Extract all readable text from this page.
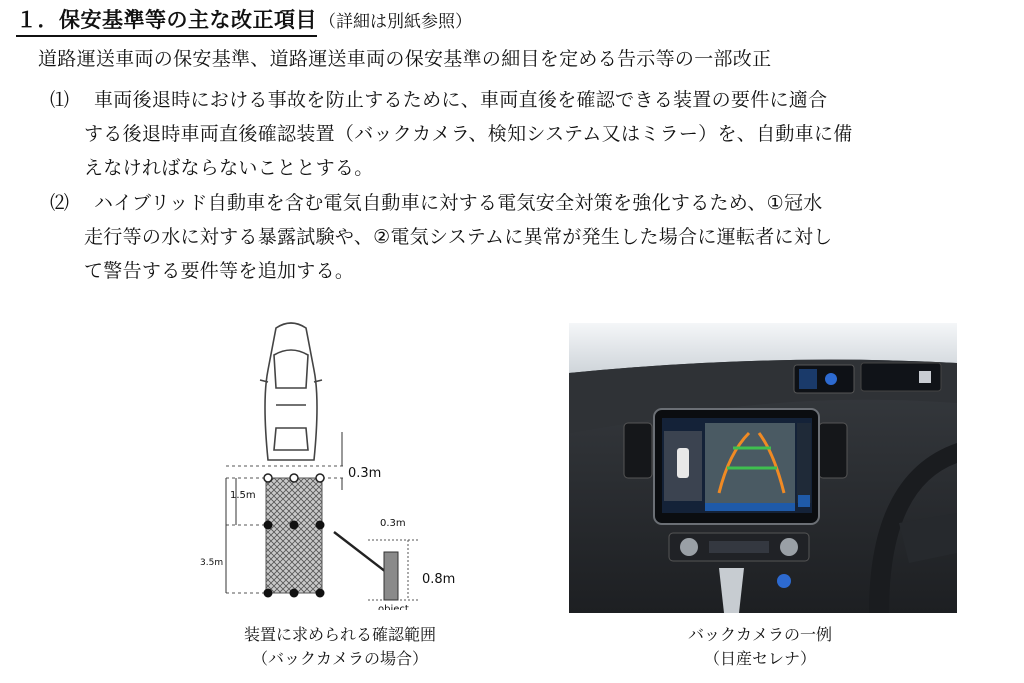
１．保安基準等の主な改正項目 （詳細は別紙参照）
道路運送車両の保安基準、道路運送車両の保安基準の細目を定める告示等の一部改正
⑴ 車両後退時における事故を防止するために、車両直後を確認できる装置の要件に適合
する後退時車両直後確認装置（バックカメラ、検知システム又はミラー）を、自動車に備
えなければならないこととする。
⑵ ハイブリッド自動車を含む電気自動車に対する電気安全対策を強化するため、①冠水
走行等の水に対する暴露試験や、②電気システムに異常が発生した場合に運転者に対し
て警告する要件等を追加する。
0.3m
1.5m
3.5m
0.3m
0.8m
object
装置に求められる確認範囲
（バックカメラの場合）
バックカメラの一例
（日産セレナ）
